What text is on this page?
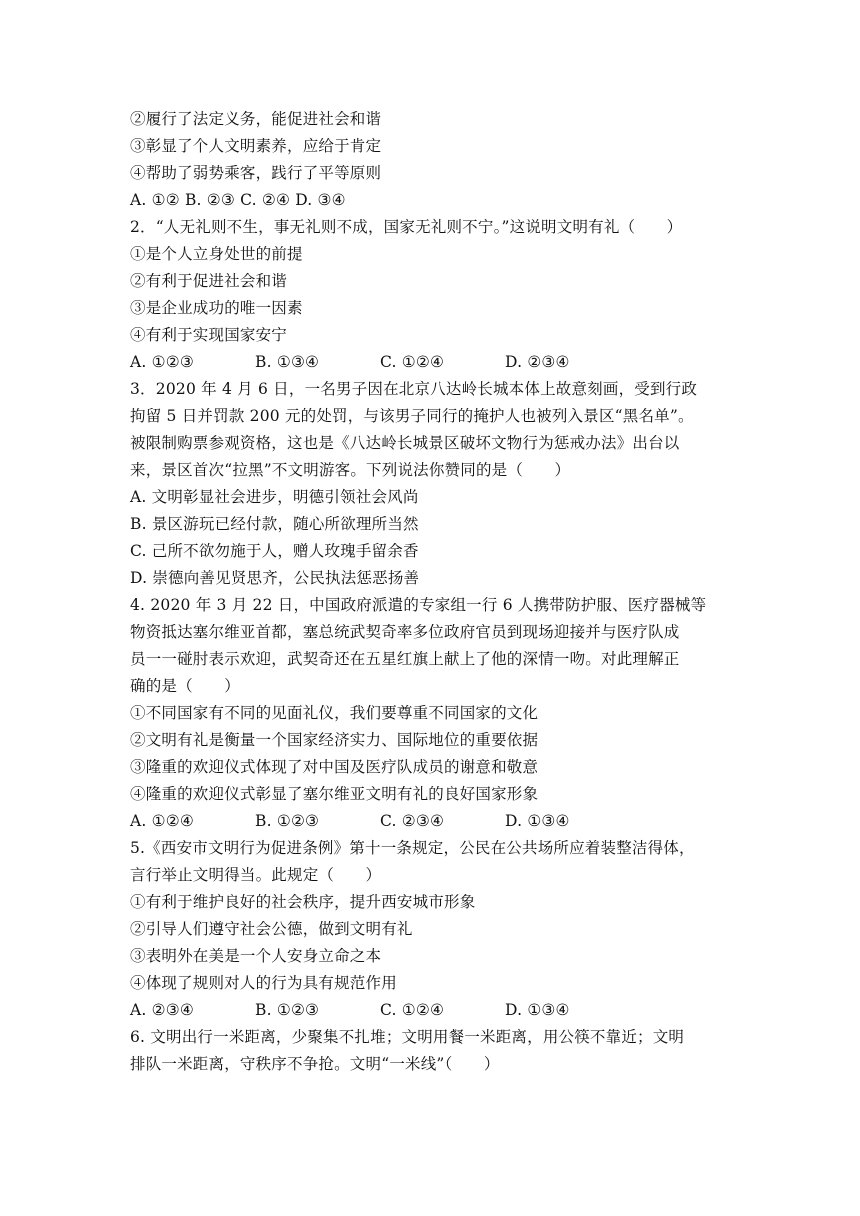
②履行了法定义务，能促进社会和谐
③彰显了个人文明素养，应给于肯定
④帮助了弱势乘客，践行了平等原则
A. ①② B. ②③ C. ②④ D. ③④
2．“人无礼则不生，事无礼则不成，国家无礼则不宁。”这说明文明有礼（　　）
①是个人立身处世的前提
②有利于促进社会和谐
③是企业成功的唯一因素
④有利于实现国家安宁
A. ①②③	B. ①③④	C. ①②④	D. ②③④
3．2020 年 4 月 6 日，一名男子因在北京八达岭长城本体上故意刻画，受到行政
拘留 5 日并罚款 200 元的处罚，与该男子同行的掩护人也被列入景区“黑名单”。
被限制购票参观资格，这也是《八达岭长城景区破坏文物行为惩戒办法》出台以
来，景区首次“拉黑”不文明游客。下列说法你赞同的是（　　）
A. 文明彰显社会进步，明德引领社会风尚
B. 景区游玩已经付款，随心所欲理所当然
C. 己所不欲勿施于人，赠人玫瑰手留余香
D. 崇德向善见贤思齐，公民执法惩恶扬善
4. 2020 年 3 月 22 日，中国政府派遣的专家组一行 6 人携带防护服、医疗器械等
物资抵达塞尔维亚首都，塞总统武契奇率多位政府官员到现场迎接并与医疗队成
员一一碰肘表示欢迎，武契奇还在五星红旗上献上了他的深情一吻。对此理解正
确的是（　　）
①不同国家有不同的见面礼仪，我们要尊重不同国家的文化
②文明有礼是衡量一个国家经济实力、国际地位的重要依据
③隆重的欢迎仪式体现了对中国及医疗队成员的谢意和敬意
④隆重的欢迎仪式彰显了塞尔维亚文明有礼的良好国家形象
A. ①②④	B. ①②③	C. ②③④	D. ①③④
5.《西安市文明行为促进条例》第十一条规定，公民在公共场所应着装整洁得体，
言行举止文明得当。此规定（　　）
①有利于维护良好的社会秩序，提升西安城市形象
②引导人们遵守社会公德，做到文明有礼
③表明外在美是一个人安身立命之本
④体现了规则对人的行为具有规范作用
A. ②③④	B. ①②③	C. ①②④	D. ①③④
6. 文明出行一米距离，少聚集不扎堆；文明用餐一米距离，用公筷不靠近；文明
排队一米距离，守秩序不争抢。文明“一米线”（　　）
